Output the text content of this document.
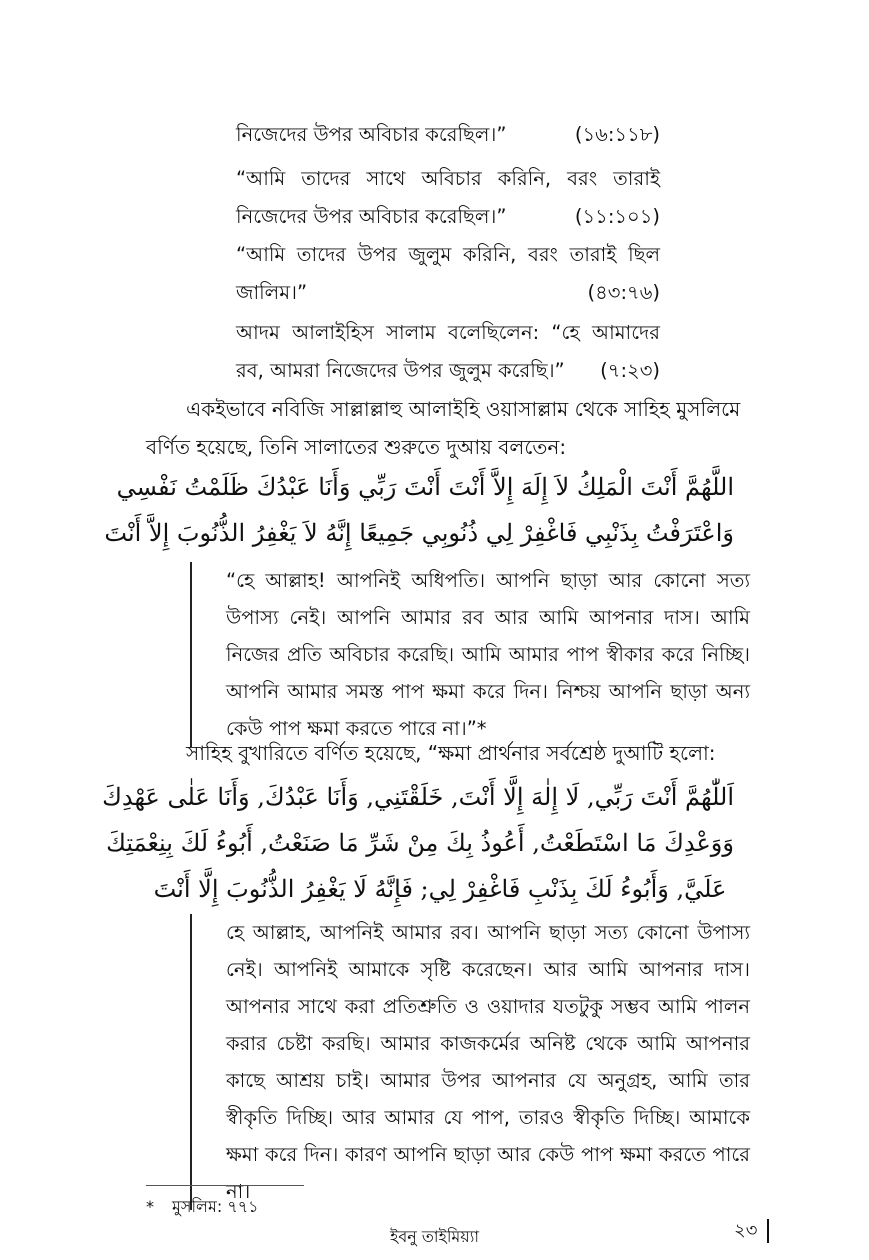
নিজেদের উপর অবিচার করেছিল।”	(১৬:১১৮)
“আমি তাদের সাথে অবিচার করিনি, বরং তারাই
নিজেদের উপর অবিচার করেছিল।”	(১১:১০১)
“আমি তাদের উপর জুলুম করিনি, বরং তারাই ছিল
জালিম।”	(৪৩:৭৬)
আদম আলাইহিস সালাম বলেছিলেন: “হে আমাদের
রব, আমরা নিজেদের উপর জুলুম করেছি।” (৭:২৩)
একইভাবে নবিজি সাল্লাল্লাহু আলাইহি ওয়াসাল্লাম থেকে সাহিহ মুসলিমে
বর্ণিত হয়েছে, তিনি সালাতের শুরুতে দুআয় বলতেন:
اللَّهُمَّ أَنْتَ الْمَلِكُ لاَ إِلَهَ إِلاَّ أَنْتَ أَنْتَ رَبِّي وَأَنَا عَبْدُكَ ظَلَمْتُ نَفْسِي
وَاعْتَرَفْتُ بِذَنْبِي فَاغْفِرْ لِي ذُنُوبِي جَمِيعًا إِنَّهُ لاَ يَغْفِرُ الذُّنُوبَ إِلاَّ أَنْتَ
“হে আল্লাহ! আপনিই অধিপতি। আপনি ছাড়া আর কোনো সত্য উপাস্য নেই। আপনি আমার রব আর আমি আপনার দাস। আমি নিজের প্রতি অবিচার করেছি। আমি আমার পাপ স্বীকার করে নিচ্ছি। আপনি আমার সমস্ত পাপ ক্ষমা করে দিন। নিশ্চয় আপনি ছাড়া অন্য কেউ পাপ ক্ষমা করতে পারে না।”*
সাহিহ বুখারিতে বর্ণিত হয়েছে, “ক্ষমা প্রার্থনার সর্বশ্রেষ্ঠ দুআটি হলো:
اَللّٰهُمَّ أَنْتَ رَبِّي, لَا إِلٰهَ إِلَّا أَنْتَ, خَلَقْتَنِي, وَأَنَا عَبْدُكَ, وَأَنَا عَلٰى عَهْدِكَ
وَوَعْدِكَ مَا اسْتَطَعْتُ, أَعُوذُ بِكَ مِنْ شَرِّ مَا صَنَعْتُ, أَبُوءُ لَكَ بِنِعْمَتِكَ
عَلَيَّ, وَأَبُوءُ لَكَ بِذَنْبِ فَاغْفِرْ لِي; فَإِنَّهُ لَا يَغْفِرُ الذُّنُوبَ إِلَّا أَنْتَ
হে আল্লাহ, আপনিই আমার রব। আপনি ছাড়া সত্য কোনো উপাস্য নেই। আপনিই আমাকে সৃষ্টি করেছেন। আর আমি আপনার দাস। আপনার সাথে করা প্রতিশ্রুতি ও ওয়াদার যতটুকু সম্ভব আমি পালন করার চেষ্টা করছি। আমার কাজকর্মের অনিষ্ট থেকে আমি আপনার কাছে আশ্রয় চাই। আমার উপর আপনার যে অনুগ্রহ, আমি তার স্বীকৃতি দিচ্ছি। আর আমার যে পাপ, তারও স্বীকৃতি দিচ্ছি। আমাকে ক্ষমা করে দিন। কারণ আপনি ছাড়া আর কেউ পাপ ক্ষমা করতে পারে না।
* মুসলিম: ৭৭১
ইবনু তাইমিয়্যা	২৩
